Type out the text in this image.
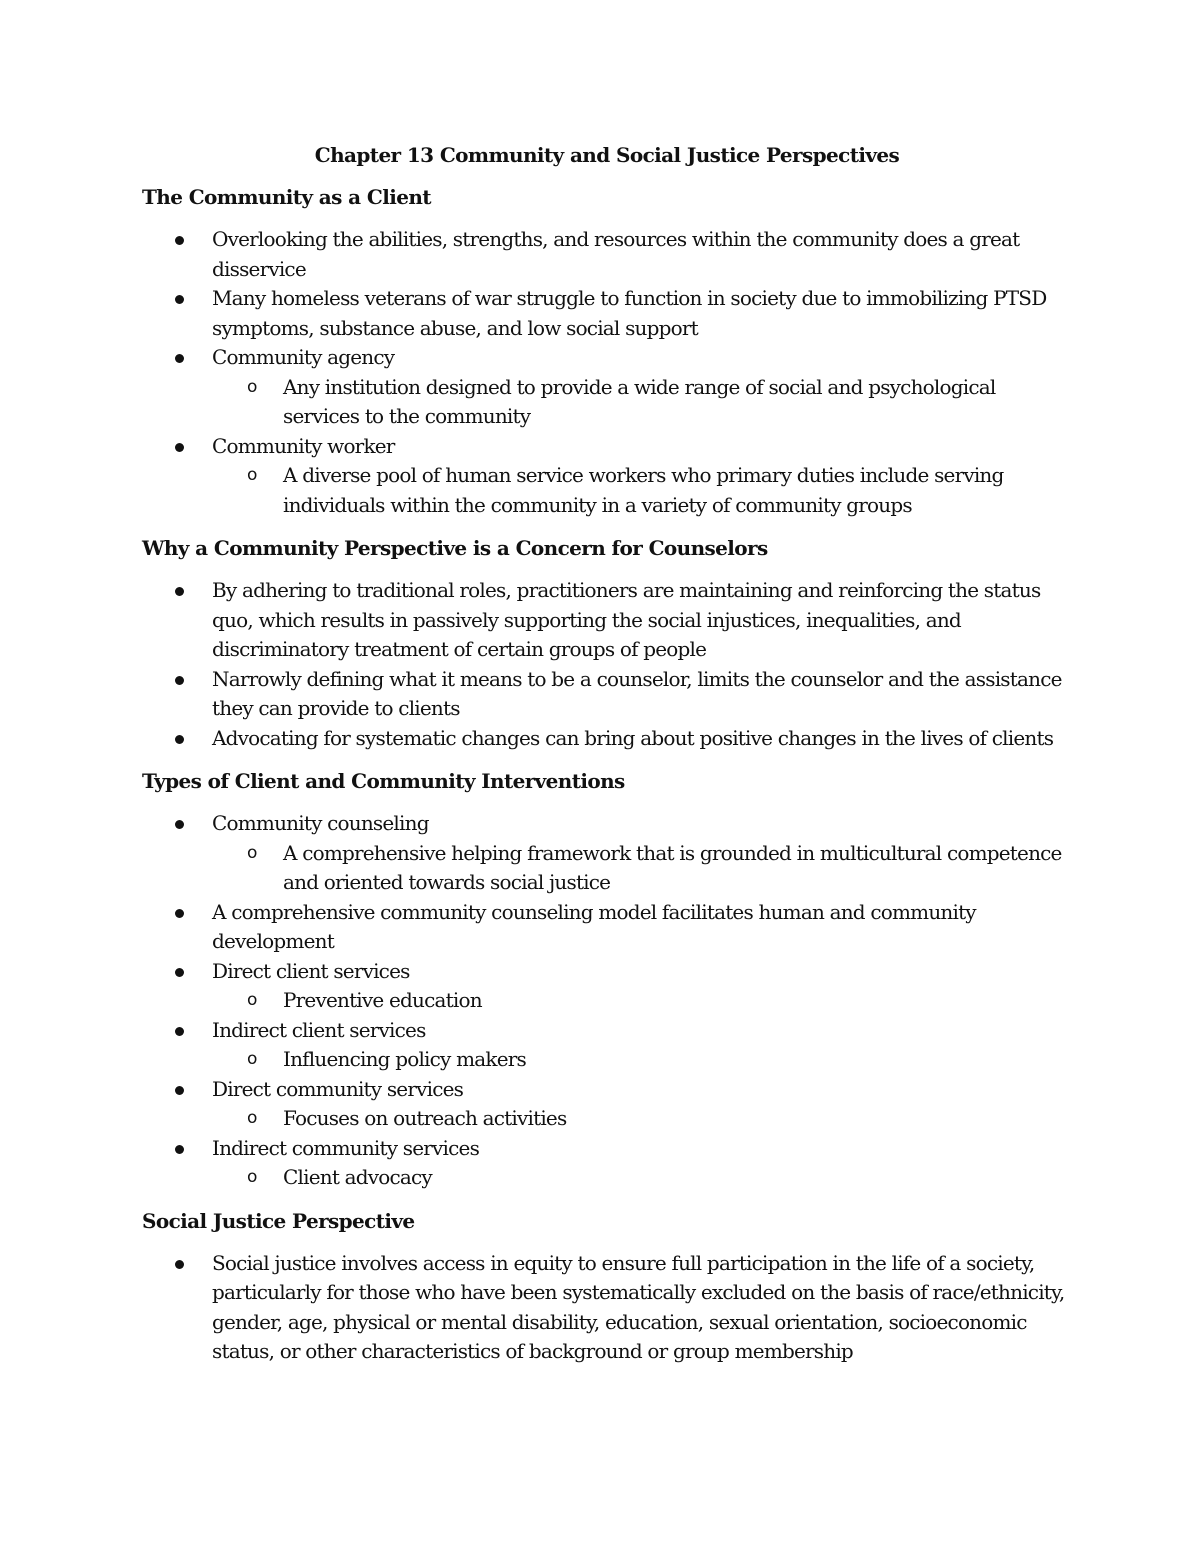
Chapter 13 Community and Social Justice Perspectives
The Community as a Client
Overlooking the abilities, strengths, and resources within the community does a great disservice
Many homeless veterans of war struggle to function in society due to immobilizing PTSD symptoms, substance abuse, and low social support
Community agency
o Any institution designed to provide a wide range of social and psychological services to the community
Community worker
o A diverse pool of human service workers who primary duties include serving individuals within the community in a variety of community groups
Why a Community Perspective is a Concern for Counselors
By adhering to traditional roles, practitioners are maintaining and reinforcing the status quo, which results in passively supporting the social injustices, inequalities, and discriminatory treatment of certain groups of people
Narrowly defining what it means to be a counselor, limits the counselor and the assistance they can provide to clients
Advocating for systematic changes can bring about positive changes in the lives of clients
Types of Client and Community Interventions
Community counseling
o A comprehensive helping framework that is grounded in multicultural competence and oriented towards social justice
A comprehensive community counseling model facilitates human and community development
Direct client services
o Preventive education
Indirect client services
o Influencing policy makers
Direct community services
o Focuses on outreach activities
Indirect community services
o Client advocacy
Social Justice Perspective
Social justice involves access in equity to ensure full participation in the life of a society, particularly for those who have been systematically excluded on the basis of race/ethnicity, gender, age, physical or mental disability, education, sexual orientation, socioeconomic status, or other characteristics of background or group membership
